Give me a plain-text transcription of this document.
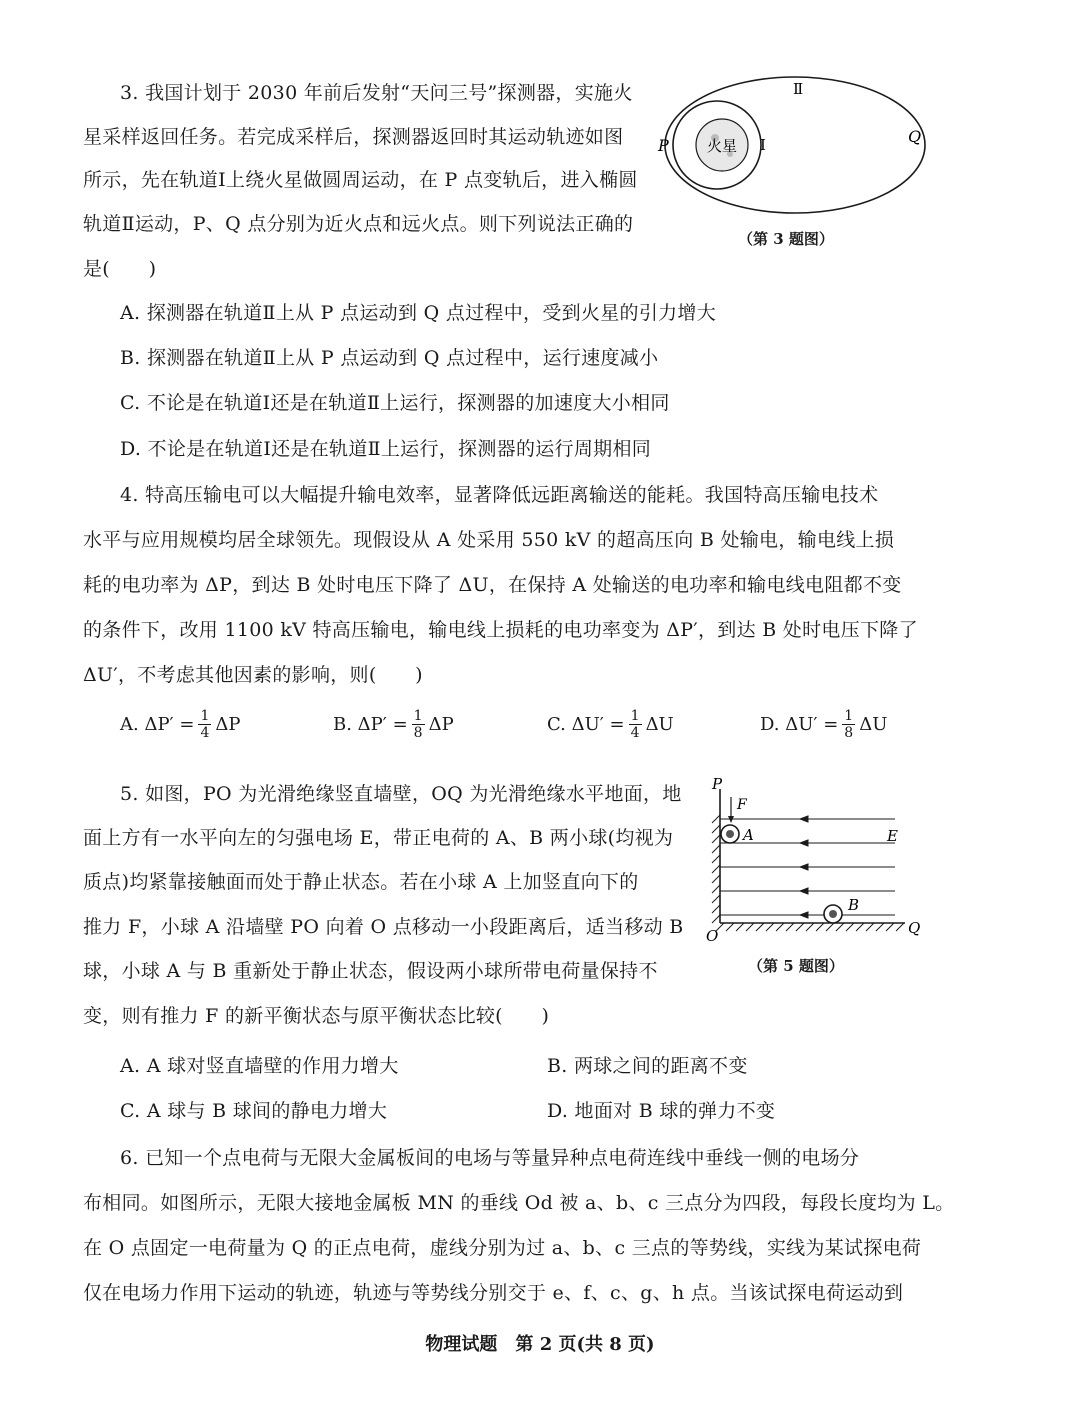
3. 我国计划于 2030 年前后发射“天问三号”探测器，实施火
星采样返回任务。若完成采样后，探测器返回时其运动轨迹如图
所示，先在轨道Ⅰ上绕火星做圆周运动，在 P 点变轨后，进入椭圆
轨道Ⅱ运动，P、Q 点分别为近火点和远火点。则下列说法正确的
是(　　)
火星 Ⅰ
Ⅱ
P	Q
（第 3 题图）
A. 探测器在轨道Ⅱ上从 P 点运动到 Q 点过程中，受到火星的引力增大
B. 探测器在轨道Ⅱ上从 P 点运动到 Q 点过程中，运行速度减小
C. 不论是在轨道Ⅰ还是在轨道Ⅱ上运行，探测器的加速度大小相同
D. 不论是在轨道Ⅰ还是在轨道Ⅱ上运行，探测器的运行周期相同
4. 特高压输电可以大幅提升输电效率，显著降低远距离输送的能耗。我国特高压输电技术
水平与应用规模均居全球领先。现假设从 A 处采用 550 kV 的超高压向 B 处输电，输电线上损
耗的电功率为 ΔP，到达 B 处时电压下降了 ΔU，在保持 A 处输送的电功率和输电线电阻都不变
的条件下，改用 1100 kV 特高压输电，输电线上损耗的电功率变为 ΔP′，到达 B 处时电压下降了
ΔU′，不考虑其他因素的影响，则(　　)
A. $\Delta P' = \frac{1}{4}$ ΔP	B. $\Delta P' = \frac{1}{8}$ ΔP	C. $\Delta U' = \frac{1}{4}$ ΔU	D. $\Delta U' = \frac{1}{8}$ ΔU
5. 如图，PO 为光滑绝缘竖直墙壁，OQ 为光滑绝缘水平地面，地
面上方有一水平向左的匀强电场 E，带正电荷的 A、B 两小球(均视为
质点)均紧靠接触面而处于静止状态。若在小球 A 上加竖直向下的
推力 F，小球 A 沿墙壁 PO 向着 O 点移动一小段距离后，适当移动 B
球，小球 A 与 B 重新处于静止状态，假设两小球所带电荷量保持不
变，则有推力 F 的新平衡状态与原平衡状态比较(　　)
P
F
A	E
B
O	Q
（第 5 题图）
A. A 球对竖直墙壁的作用力增大	B. 两球之间的距离不变
C. A 球与 B 球间的静电力增大	D. 地面对 B 球的弹力不变
6. 已知一个点电荷与无限大金属板间的电场与等量异种点电荷连线中垂线一侧的电场分
布相同。如图所示，无限大接地金属板 MN 的垂线 Od 被 a、b、c 三点分为四段，每段长度均为 L。
在 O 点固定一电荷量为 Q 的正点电荷，虚线分别为过 a、b、c 三点的等势线，实线为某试探电荷
仅在电场力作用下运动的轨迹，轨迹与等势线分别交于 e、f、c、g、h 点。当该试探电荷运动到
物理试题　第 2 页(共 8 页)
